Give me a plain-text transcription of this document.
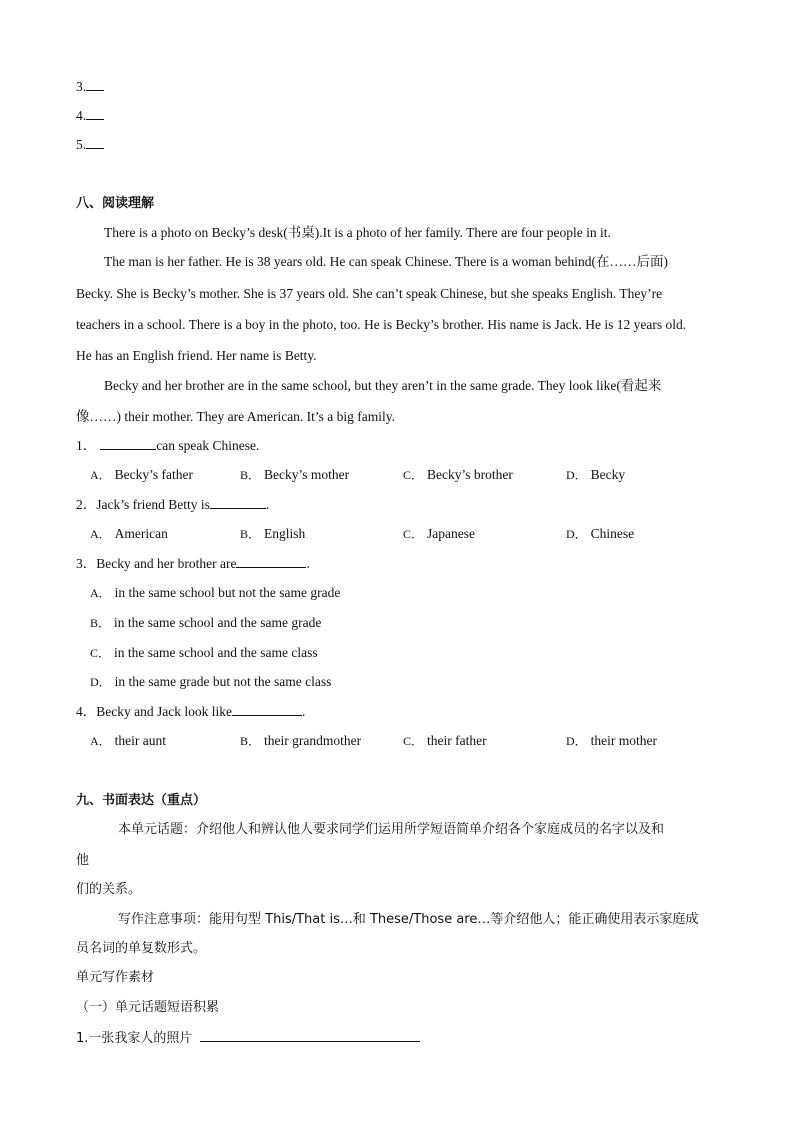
3.
4.
5.
八、阅读理解
There is a photo on Becky’s desk(书桌).It is a photo of her family. There are four people in it.
The man is her father. He is 38 years old. He can speak Chinese. There is a woman behind(在……后面)
Becky. She is Becky’s mother. She is 37 years old. She can’t speak Chinese, but she speaks English. They’re
teachers in a school. There is a boy in the photo, too. He is Becky’s brother. His name is Jack. He is 12 years old.
He has an English friend. Her name is Betty.
Becky and her brother are in the same school, but they aren’t in the same grade. They look like(看起来
像……) their mother. They are American. It’s a big family.
1．	can speak Chinese.
A． Becky’s father	B． Becky’s mother	C． Becky’s brother	D． Becky
2．Jack’s friend Betty is	.
A． American	B． English	C． Japanese	D． Chinese
3．Becky and her brother are	.
A． in the same school but not the same grade
B． in the same school and the same grade
C． in the same school and the same class
D． in the same grade but not the same class
4．Becky and Jack look like	.
A． their aunt	B． their grandmother	C． their father	D． their mother
九、书面表达（重点）
本单元话题：介绍他人和辨认他人要求同学们运用所学短语简单介绍各个家庭成员的名字以及和
他
们的关系。
写作注意事项：能用句型 This/That is…和 These/Those are…等介绍他人；能正确使用表示家庭成
员名词的单复数形式。
单元写作素材
（一）单元话题短语积累
1.一张我家人的照片
